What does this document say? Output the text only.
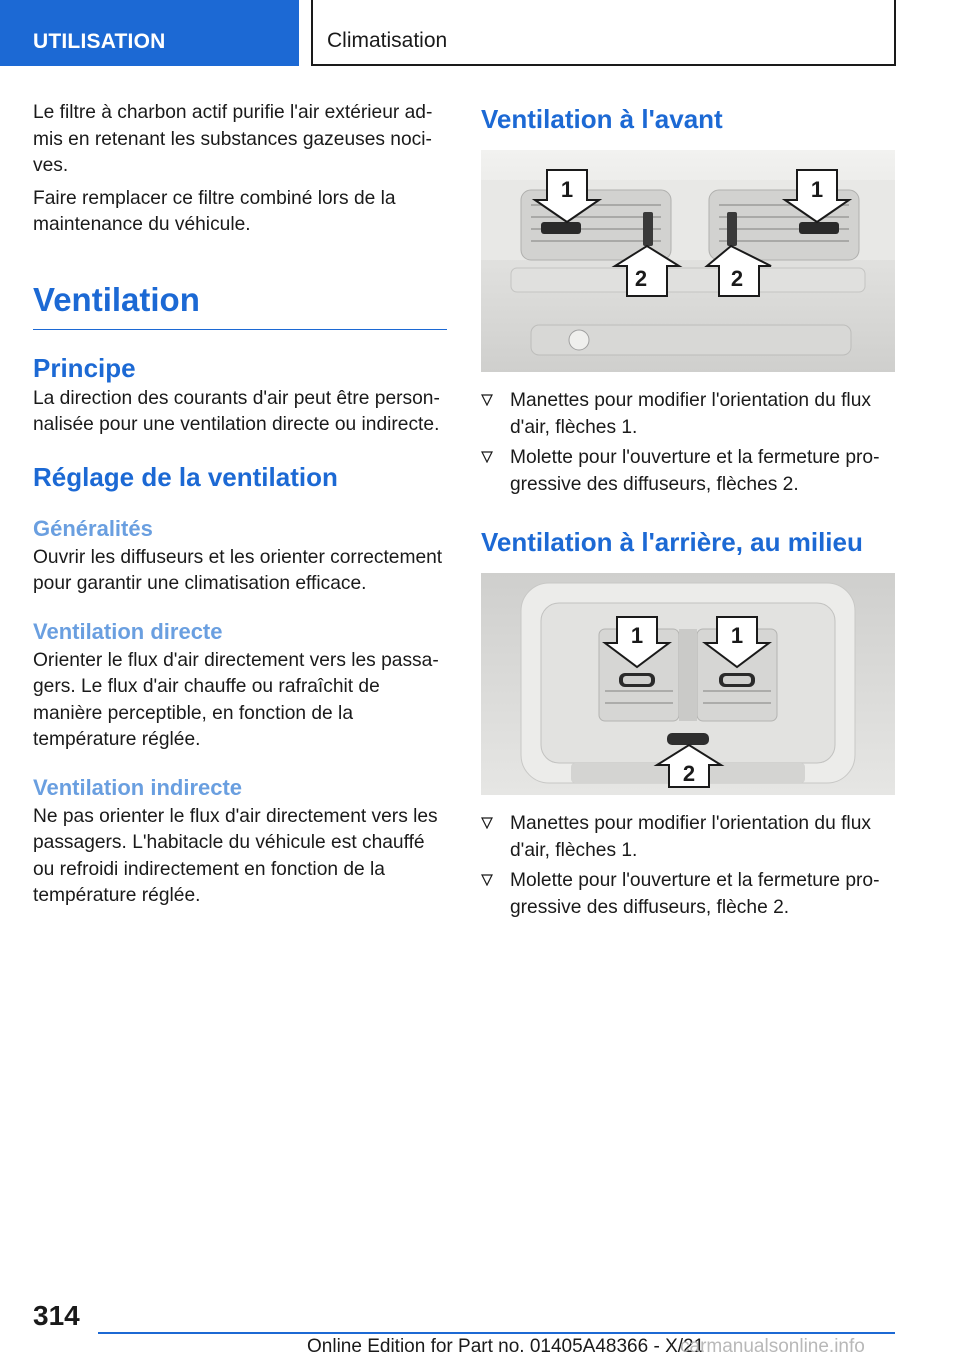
UTILISATION	Climatisation

Le filtre à charbon actif purifie l'air extérieur admis en retenant les substances gazeuses nocives.

Faire remplacer ce filtre combiné lors de la maintenance du véhicule.

Ventilation
Principe

La direction des courants d'air peut être personnalisée pour une ventilation directe ou indirecte.

Réglage de la ventilation
Généralités

Ouvrir les diffuseurs et les orienter correctement pour garantir une climatisation efficace.

Ventilation directe

Orienter le flux d'air directement vers les passagers. Le flux d'air chauffe ou rafraîchit de manière perceptible, en fonction de la température réglée.

Ventilation indirecte

Ne pas orienter le flux d'air directement vers les passagers. L'habitacle du véhicule est chauffé ou refroidi indirectement en fonction de la température réglée.

Ventilation à l'avant
1	1
2	2
Manettes pour modifier l'orientation du flux d'air, flèches 1.
Molette pour l'ouverture et la fermeture progressive des diffuseurs, flèches 2.
Ventilation à l'arrière, au milieu
1	1
2
Manettes pour modifier l'orientation du flux d'air, flèches 1.
Molette pour l'ouverture et la fermeture progressive des diffuseurs, flèche 2.
314
Online Edition for Part no. 01405A48366 - X/21
carmanualsonline.info
